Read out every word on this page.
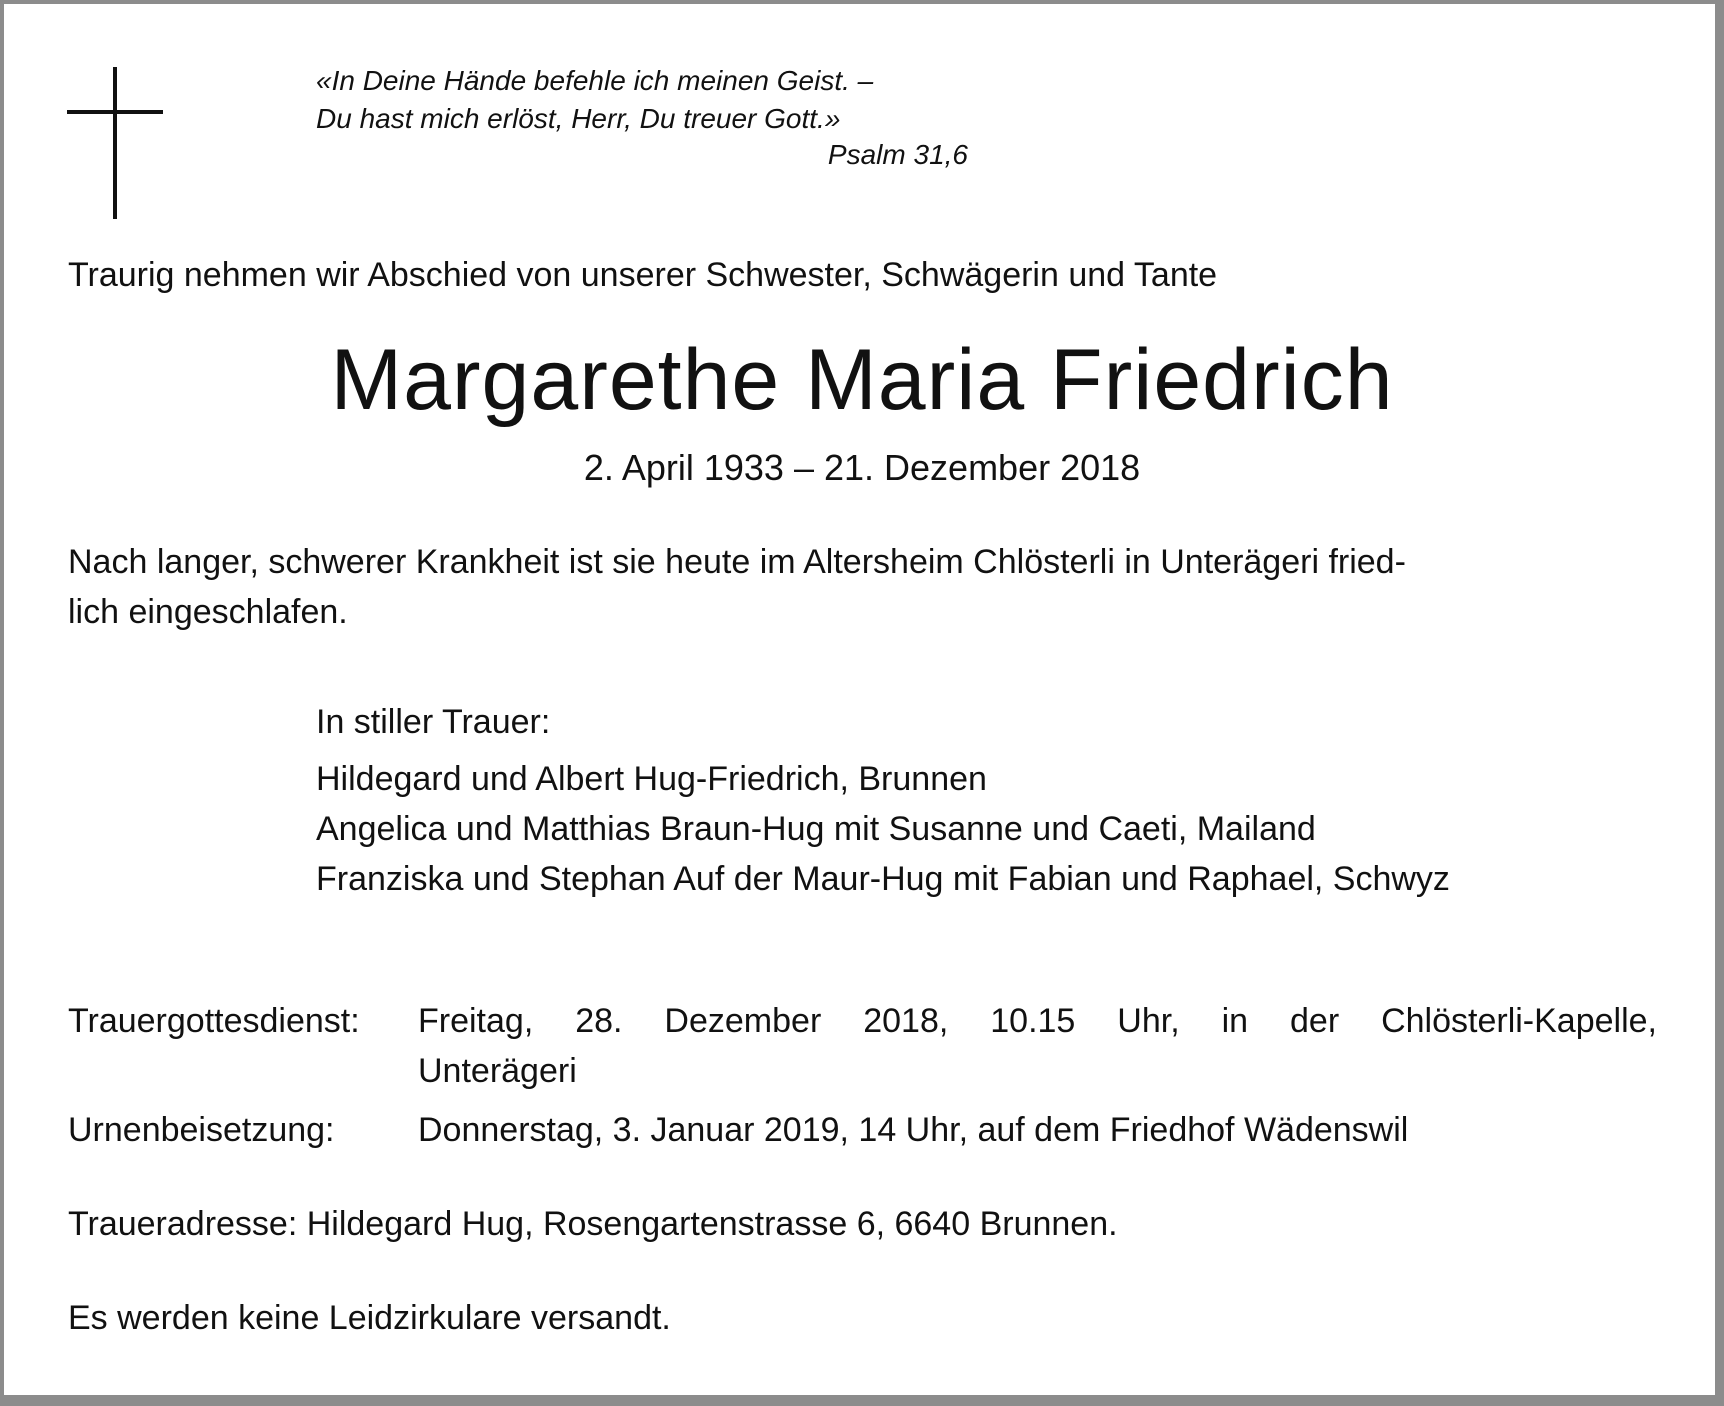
«In Deine Hände befehle ich meinen Geist. –
Du hast mich erlöst, Herr, Du treuer Gott.»
Psalm 31,6
Traurig nehmen wir Abschied von unserer Schwester, Schwägerin und Tante
Margarethe Maria Friedrich
2. April 1933 – 21. Dezember 2018
Nach langer, schwerer Krankheit ist sie heute im Altersheim Chlösterli in Unterägeri fried-
lich eingeschlafen.
In stiller Trauer:
Hildegard und Albert Hug-Friedrich, Brunnen
Angelica und Matthias Braun-Hug mit Susanne und Caeti, Mailand
Franziska und Stephan Auf der Maur-Hug mit Fabian und Raphael, Schwyz
Trauergottesdienst: Freitag, 28. Dezember 2018, 10.15 Uhr, in der Chlösterli-Kapelle,
Unterägeri
Urnenbeisetzung: Donnerstag, 3. Januar 2019, 14 Uhr, auf dem Friedhof Wädenswil
Traueradresse: Hildegard Hug, Rosengartenstrasse 6, 6640 Brunnen.
Es werden keine Leidzirkulare versandt.
